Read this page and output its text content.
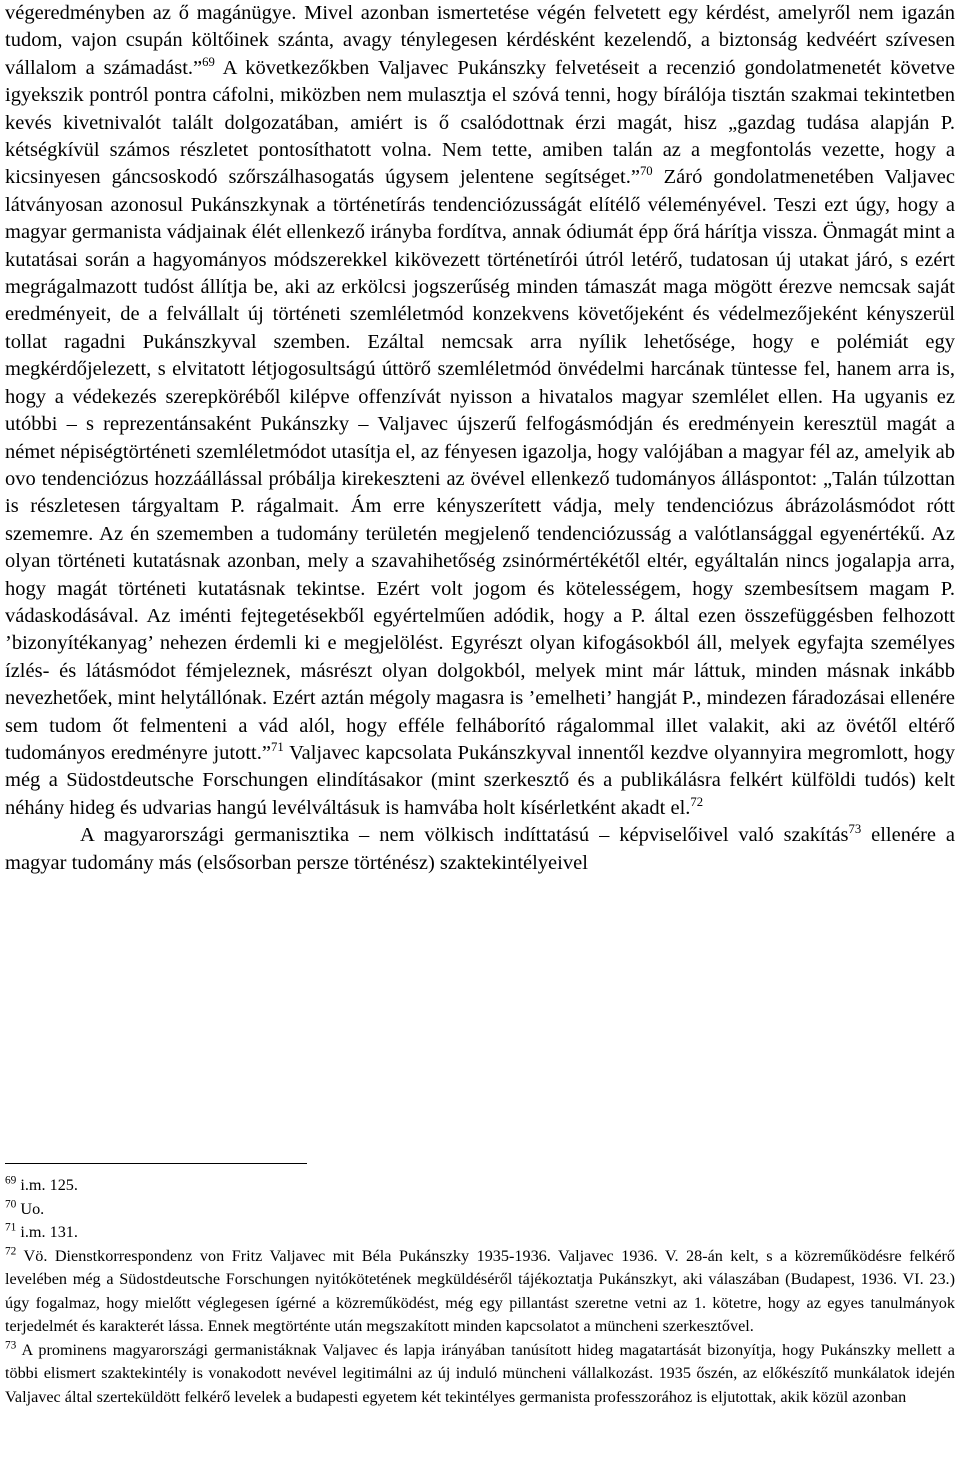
végeredményben az ő magánügye. Mivel azonban ismertetése végén felvetett egy kérdést, amelyről nem igazán tudom, vajon csupán költőinek szánta, avagy ténylegesen kérdésként kezelendő, a biztonság kedvéért szívesen vállalom a számadást.”$^{69}$ A következőkben Valjavec Pukánszky felvetéseit a recenzió gondolatmenetét követve igyekszik pontról pontra cáfolni, miközben nem mulasztja el szóvá tenni, hogy bírálója tisztán szakmai tekintetben kevés kivetnivalót talált dolgozatában, amiért is ő csalódottnak érzi magát, hisz „gazdag tudása alapján P. kétségkívül számos részletet pontosíthatott volna. Nem tette, amiben talán az a megfontolás vezette, hogy a kicsinyesen gáncsoskodó szőrszálhasogatás úgysem jelentene segítséget.”$^{70}$ Záró gondolatmenetében Valjavec látványosan azonosul Pukánszkynak a történetírás tendenciózusságát elítélő véleményével. Teszi ezt úgy, hogy a magyar germanista vádjainak élét ellenkező irányba fordítva, annak ódiumát épp őrá hárítja vissza. Önmagát mint a kutatásai során a hagyományos módszerekkel kikövezett történetírói útról letérő, tudatosan új utakat járó, s ezért megrágalmazott tudóst állítja be, aki az erkölcsi jogszerűség minden támaszát maga mögött érezve nemcsak saját eredményeit, de a felvállalt új történeti szemléletmód konzekvens követőjeként és védelmezőjeként kényszerül tollat ragadni Pukánszkyval szemben. Ezáltal nemcsak arra nyílik lehetősége, hogy e polémiát egy megkérdőjelezett, s elvitatott létjogosultságú úttörő szemléletmód önvédelmi harcának tüntesse fel, hanem arra is, hogy a védekezés szerepköréből kilépve offenzívát nyisson a hivatalos magyar szemlélet ellen. Ha ugyanis ez utóbbi – s reprezentánsaként Pukánszky – Valjavec újszerű felfogásmódján és eredményein keresztül magát a német népiségtörténeti szemléletmódot utasítja el, az fényesen igazolja, hogy valójában a magyar fél az, amelyik ab ovo tendenciózus hozzáállással próbálja kirekeszteni az övével ellenkező tudományos álláspontot: „Talán túlzottan is részletesen tárgyaltam P. rágalmait. Ám erre kényszerített vádja, mely tendenciózus ábrázolásmódot rótt szememre. Az én szememben a tudomány területén megjelenő tendenciózusság a valótlansággal egyenértékű. Az olyan történeti kutatásnak azonban, mely a szavahihetőség zsinórmértékétől eltér, egyáltalán nincs jogalapja arra, hogy magát történeti kutatásnak tekintse. Ezért volt jogom és kötelességem, hogy szembesítsem magam P. vádaskodásával. Az iménti fejtegetésekből egyértelműen adódik, hogy a P. által ezen összefüggésben felhozott ’bizonyítékanyag’ nehezen érdemli ki e megjelölést. Egyrészt olyan kifogásokból áll, melyek egyfajta személyes ízlés- és látásmódot fémjeleznek, másrészt olyan dolgokból, melyek mint már láttuk, minden másnak inkább nevezhetőek, mint helytállónak. Ezért aztán mégoly magasra is ’emelheti’ hangját P., mindezen fáradozásai ellenére sem tudom őt felmenteni a vád alól, hogy efféle felháborító rágalommal illet valakit, aki az övétől eltérő tudományos eredményre jutott.”$^{71}$ Valjavec kapcsolata Pukánszkyval innentől kezdve olyannyira megromlott, hogy még a Südostdeutsche Forschungen elindításakor (mint szerkesztő és a publikálásra felkért külföldi tudós) kelt néhány hideg és udvarias hangú levélváltásuk is hamvába holt kísérletként akadt el.$^{72}$

A magyarországi germanisztika – nem völkisch indíttatású – képviselőivel való szakítás$^{73}$ ellenére a magyar tudomány más (elsősorban persze történész) szaktekintélyeivel

$^{69}$ i.m. 125.

$^{70}$ Uo.

$^{71}$ i.m. 131.

$^{72}$ Vö. Dienstkorrespondenz von Fritz Valjavec mit Béla Pukánszky 1935-1936. Valjavec 1936. V. 28-án kelt, s a közreműködésre felkérő levelében még a Südostdeutsche Forschungen nyitókötetének megküldéséről tájékoztatja Pukánszkyt, aki válaszában (Budapest, 1936. VI. 23.) úgy fogalmaz, hogy mielőtt véglegesen ígérné a közreműködést, még egy pillantást szeretne vetni az 1. kötetre, hogy az egyes tanulmányok terjedelmét és karakterét lássa. Ennek megtörténte után megszakított minden kapcsolatot a müncheni szerkesztővel.

$^{73}$ A prominens magyarországi germanistáknak Valjavec és lapja irányában tanúsított hideg magatartását bizonyítja, hogy Pukánszky mellett a többi elismert szaktekintély is vonakodott nevével legitimálni az új induló müncheni vállalkozást. 1935 őszén, az előkészítő munkálatok idején Valjavec által szerteküldött felkérő levelek a budapesti egyetem két tekintélyes germanista professzorához is eljutottak, akik közül azonban
